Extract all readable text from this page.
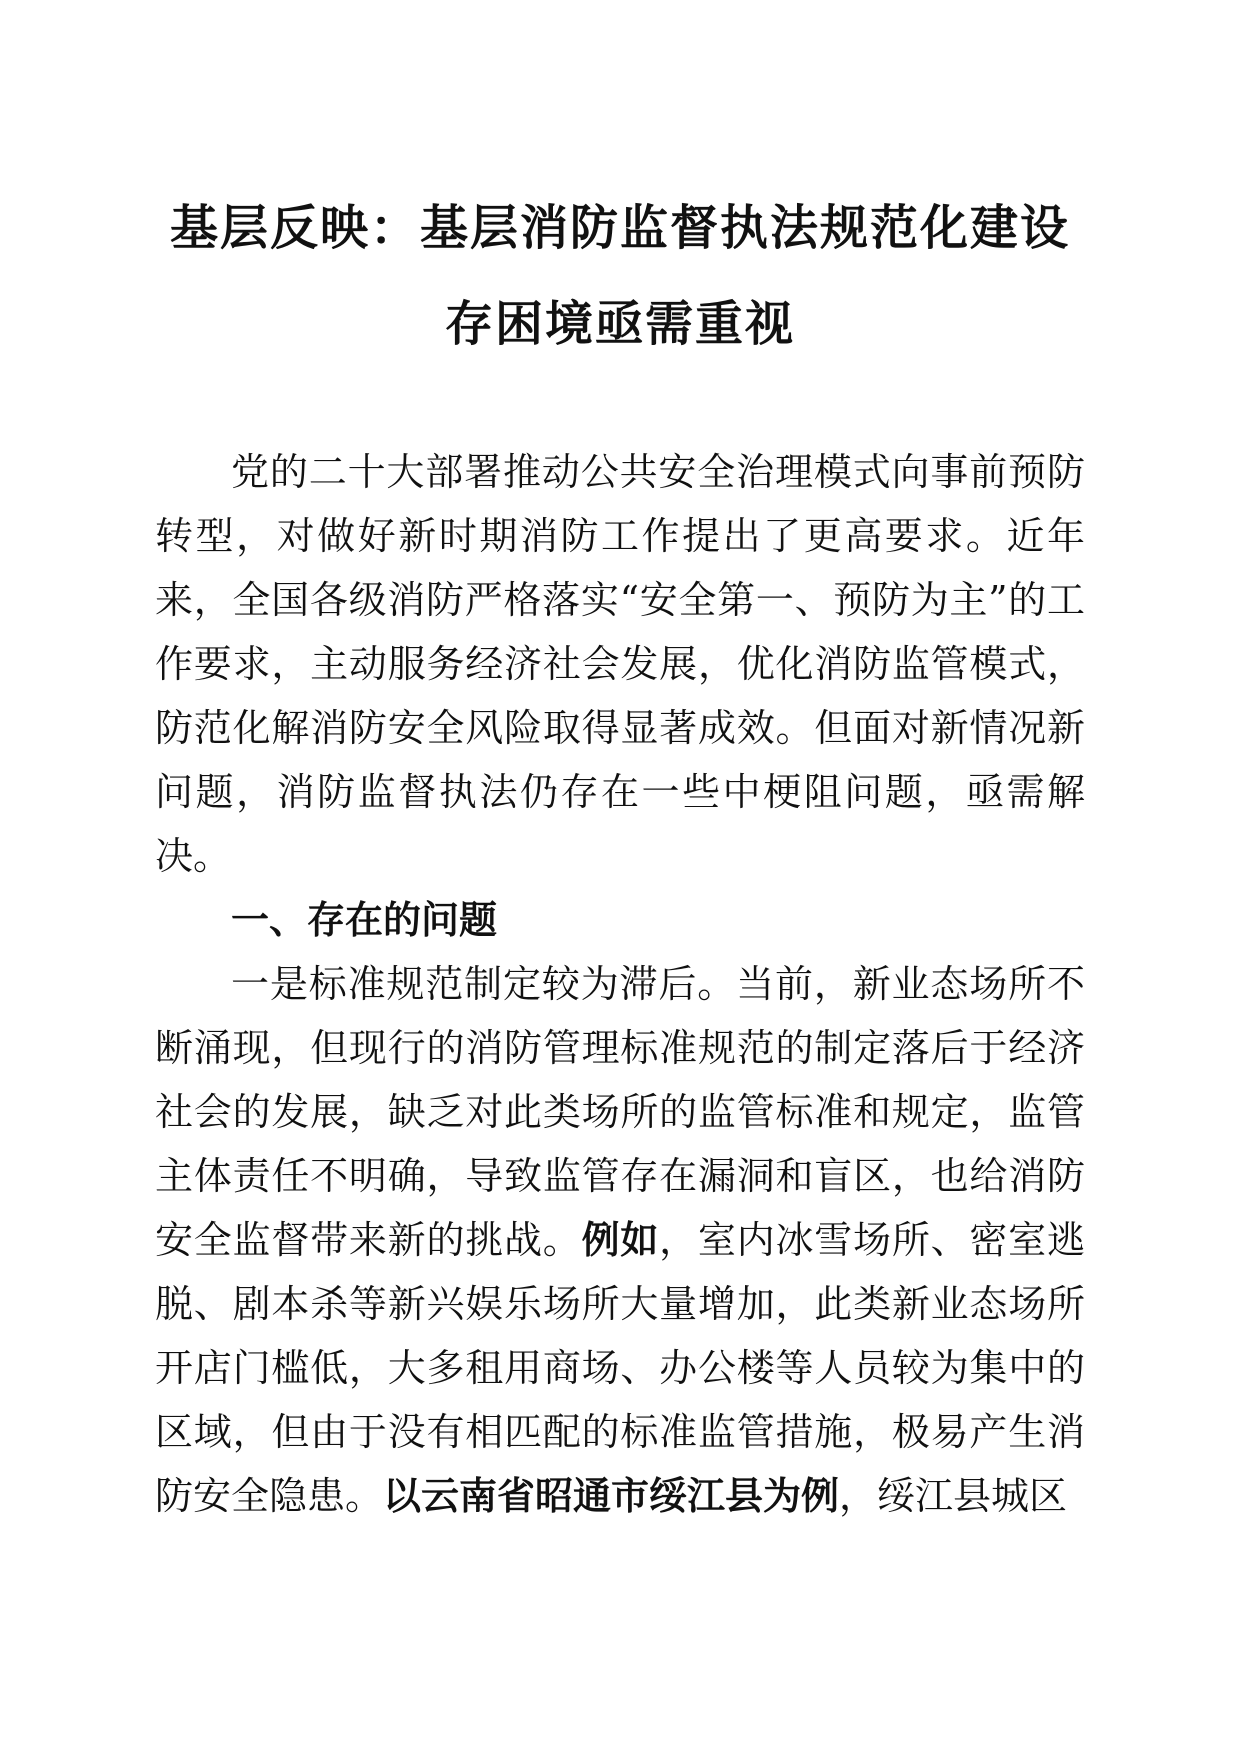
基层反映：基层消防监督执法规范化建设
存困境亟需重视

党的二十大部署推动公共安全治理模式向事前预防转型，对做好新时期消防工作提出了更高要求。近年来，全国各级消防严格落实“安全第一、预防为主”的工作要求，主动服务经济社会发展，优化消防监管模式，防范化解消防安全风险取得显著成效。但面对新情况新问题，消防监督执法仍存在一些中梗阻问题，亟需解决。

一、存在的问题

一是标准规范制定较为滞后。当前，新业态场所不断涌现，但现行的消防管理标准规范的制定落后于经济社会的发展，缺乏对此类场所的监管标准和规定，监管主体责任不明确，导致监管存在漏洞和盲区，也给消防安全监督带来新的挑战。例如，室内冰雪场所、密室逃脱、剧本杀等新兴娱乐场所大量增加，此类新业态场所开店门槛低，大多租用商场、办公楼等人员较为集中的区域，但由于没有相匹配的标准监管措施，极易产生消防安全隐患。以云南省昭通市绥江县为例，绥江县城区
